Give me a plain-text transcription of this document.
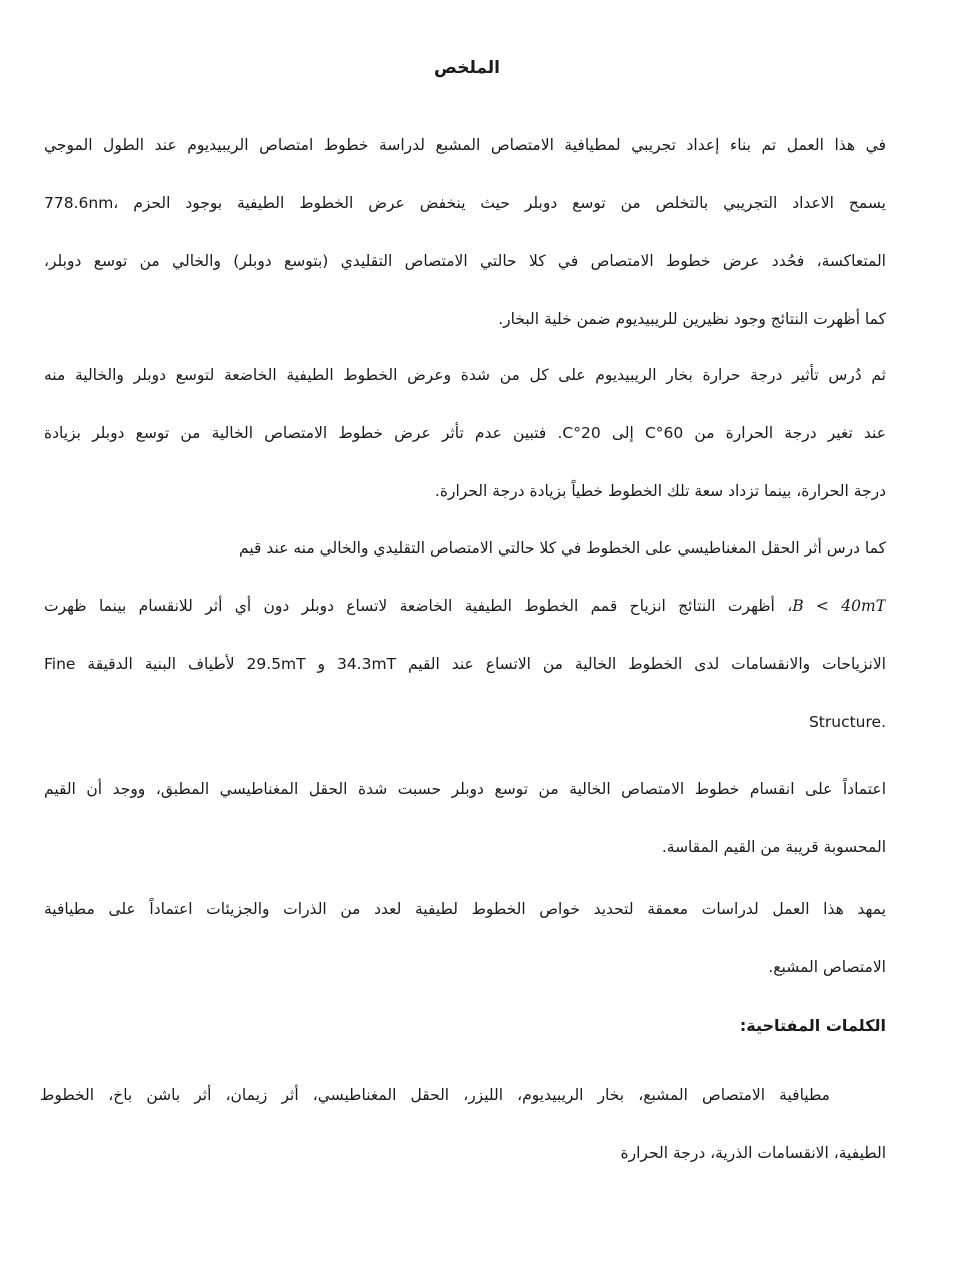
الملخص
في هذا العمل تم بناء إعداد تجريبي لمطيافية الامتصاص المشبع لدراسة خطوط امتصاص الريبيديوم عند الطول الموجي
778.6nm، يسمح الاعداد التجريبي بالتخلص من توسع دوبلر حيث ينخفض عرض الخطوط الطيفية بوجود الحزم
المتعاكسة، فحُدد عرض خطوط الامتصاص في كلا حالتي الامتصاص التقليدي (بتوسع دوبلر) والخالي من توسع دوبلر،
كما أظهرت النتائج وجود نظيرين للريبيديوم ضمن خلية البخار.
ثم دُرس تأثير درجة حرارة بخار الريبيديوم على كل من شدة وعرض الخطوط الطيفية الخاضعة لتوسع دوبلر والخالية منه
عند تغير درجة الحرارة من 60°C إلى 20°C. فتبين عدم تأثر عرض خطوط الامتصاص الخالية من توسع دوبلر بزيادة
درجة الحرارة، بينما تزداد سعة تلك الخطوط خطياً بزيادة درجة الحرارة.
كما درس أثر الحقل المغناطيسي على الخطوط في كلا حالتي الامتصاص التقليدي والخالي منه عند قيم
B < 40mT، أظهرت النتائج انزياح قمم الخطوط الطيفية الخاضعة لاتساع دوبلر دون أي أثر للانقسام بينما ظهرت
الانزياحات والانقسامات لدى الخطوط الخالية من الاتساع عند القيم 34.3mT و 29.5mT لأطياف البنية الدقيقة Fine
Structure.
اعتماداً على انقسام خطوط الامتصاص الخالية من توسع دوبلر حسبت شدة الحقل المغناطيسي المطبق، ووجد أن القيم
المحسوبة قريبة من القيم المقاسة.
يمهد هذا العمل لدراسات معمقة لتحديد خواص الخطوط لطيفية لعدد من الذرات والجزيئات اعتماداً على مطيافية
الامتصاص المشبع.
الكلمات المفتاحية:
مطيافية الامتصاص المشبع، بخار الريبيديوم، الليزر، الحقل المغناطيسي، أثر زيمان، أثر باشن باخ، الخطوط
الطيفية، الانقسامات الذرية، درجة الحرارة
